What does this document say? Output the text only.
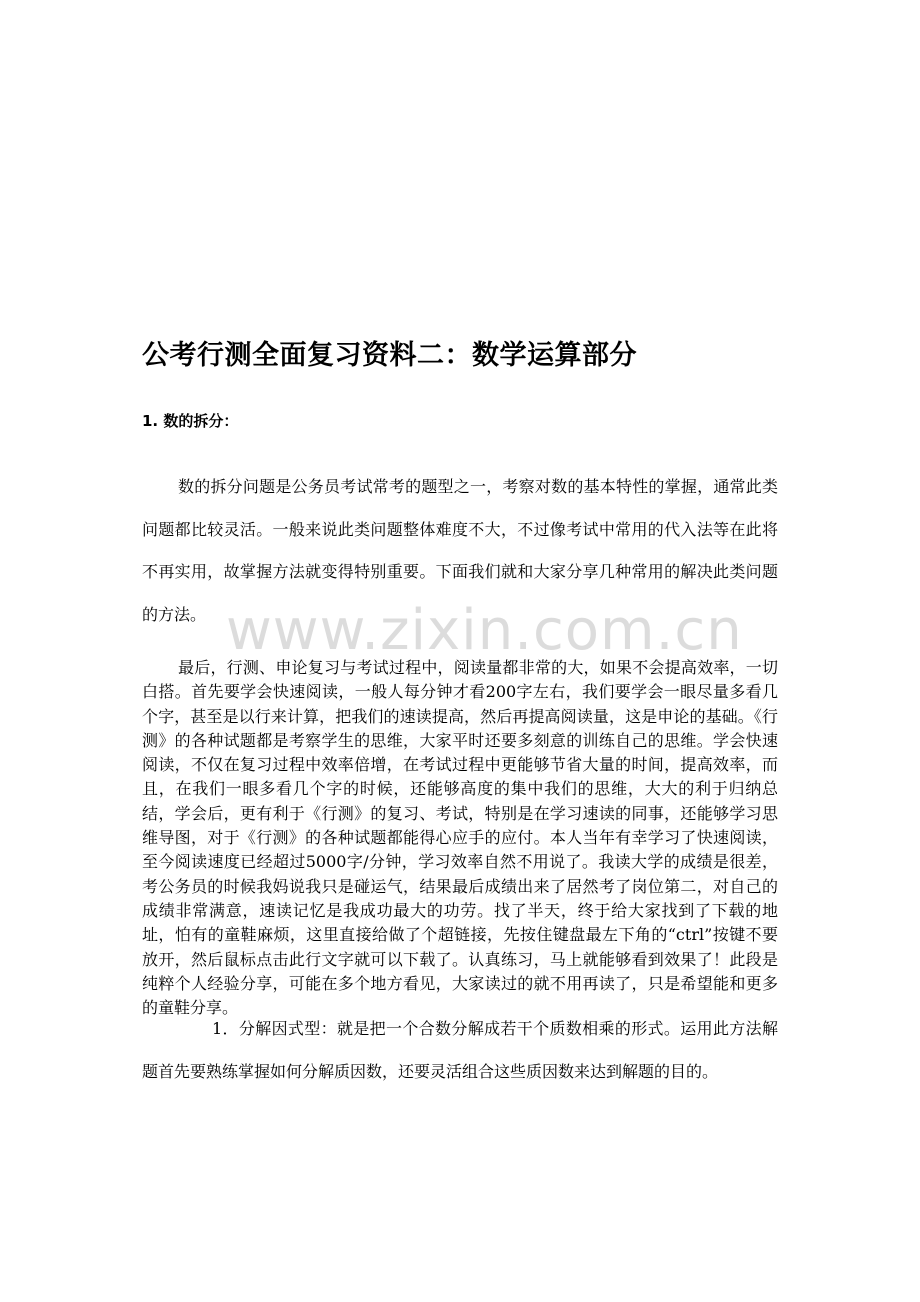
www.zixin.com.cn
公考行测全面复习资料二：数学运算部分
1. 数的拆分：

数的拆分问题是公务员考试常考的题型之一，考察对数的基本特性的掌握，通常此类问题都比较灵活。一般来说此类问题整体难度不大，不过像考试中常用的代入法等在此将不再实用，故掌握方法就变得特别重要。下面我们就和大家分享几种常用的解决此类问题的方法。

最后，行测、申论复习与考试过程中，阅读量都非常的大，如果不会提高效率，一切白搭。首先要学会快速阅读，一般人每分钟才看200字左右，我们要学会一眼尽量多看几个字，甚至是以行来计算，把我们的速读提高，然后再提高阅读量，这是申论的基础。《行测》的各种试题都是考察学生的思维，大家平时还要多刻意的训练自己的思维。学会快速阅读，不仅在复习过程中效率倍增，在考试过程中更能够节省大量的时间，提高效率，而且，在我们一眼多看几个字的时候，还能够高度的集中我们的思维，大大的利于归纳总结，学会后，更有利于《行测》的复习、考试，特别是在学习速读的同事，还能够学习思维导图，对于《行测》的各种试题都能得心应手的应付。本人当年有幸学习了快速阅读，至今阅读速度已经超过5000字/分钟，学习效率自然不用说了。我读大学的成绩是很差，考公务员的时候我妈说我只是碰运气，结果最后成绩出来了居然考了岗位第二，对自己的成绩非常满意，速读记忆是我成功最大的功劳。找了半天，终于给大家找到了下载的地址，怕有的童鞋麻烦，这里直接给做了个超链接，先按住键盘最左下角的“ctrl”按键不要放开，然后鼠标点击此行文字就可以下载了。认真练习，马上就能够看到效果了！此段是纯粹个人经验分享，可能在多个地方看见，大家读过的就不用再读了，只是希望能和更多的童鞋分享。

1．分解因式型：就是把一个合数分解成若干个质数相乘的形式。运用此方法解题首先要熟练掌握如何分解质因数，还要灵活组合这些质因数来达到解题的目的。
